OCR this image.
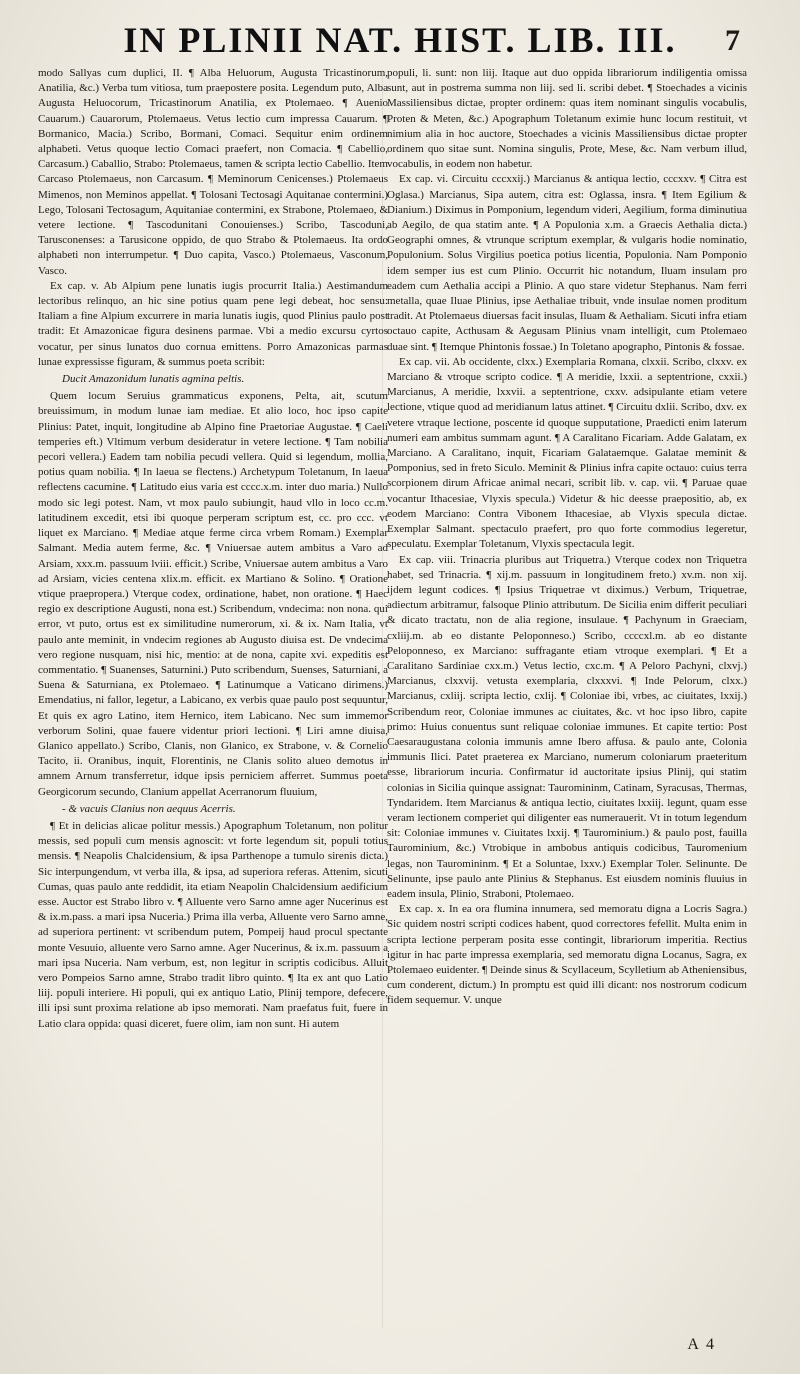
IN PLINII NAT. HIST. LIB. III.	7

modo Sallyas cum duplici, II. ¶ Alba Heluorum, Augusta Tricastinorum, Anatilia, &c.) Verba tum vitiosa, tum praepostere posita. Legendum puto, Alba Augusta Heluocorum, Tricastinorum Anatilia, ex Ptolemaeo. ¶ Auenio Cauarum.) Cauarorum, Ptolemaeus. Vetus lectio cum impressa Cauarum. ¶ Bormanico, Macia.) Scribo, Bormani, Comaci. Sequitur enim ordinem alphabeti. Vetus quoque lectio Comaci praefert, non Comacia. ¶ Cabellio, Carcasum.) Caballio, Strabo: Ptolemaeus, tamen & scripta lectio Cabellio. Item Carcaso Ptolemaeus, non Carcasum. ¶ Meminorum Cenicenses.) Ptolemaeus Mimenos, non Meminos appellat. ¶ Tolosani Tectosagi Aquitanae contermini.) Lego, Tolosani Tectosagum, Aquitaniae contermini, ex Strabone, Ptolemaeo, & vetere lectione. ¶ Tascodunitani Conouienses.) Scribo, Tascoduni, Tarusconenses: a Tarusicone oppido, de quo Strabo & Ptolemaeus. Ita ordo alphabeti non interrumpetur. ¶ Duo capita, Vasco.) Ptolemaeus, Vasconum, Vasco.

Ex cap. v. Ab Alpium pene lunatis iugis procurrit Italia.) Aestimandum lectoribus relinquo, an hic sine potius quam pene legi debeat, hoc sensu: Italiam a fine Alpium excurrere in maria lunatis iugis, quod Plinius paulo post tradit: Et Amazonicae figura desinens parmae. Vbi a medio excursu cyrtos vocatur, per sinus lunatos duo cornua emittens. Porro Amazonicas parmas lunae expressisse figuram, & summus poeta scribit:

Ducit Amazonidum lunatis agmina peltis.

Quem locum Seruius grammaticus exponens, Pelta, ait, scutum breuissimum, in modum lunae iam mediae. Et alio loco, hoc ipso capite Plinius: Patet, inquit, longitudine ab Alpino fine Praetoriae Augustae. ¶ Caeli temperies eft.) Vltimum verbum desideratur in vetere lectione. ¶ Tam nobilia pecori vellera.) Eadem tam nobilia pecudi vellera. Quid si legendum, mollia, potius quam nobilia. ¶ In laeua se flectens.) Archetypum Toletanum, In laeua reflectens cacumine. ¶ Latitudo eius varia est cccc.x.m. inter duo maria.) Nullo modo sic legi potest. Nam, vt mox paulo subiungit, haud vllo in loco cc.m. latitudinem excedit, etsi ibi quoque perperam scriptum est, cc. pro ccc. vt liquet ex Marciano. ¶ Mediae atque ferme circa vrbem Romam.) Exemplar Salmant. Media autem ferme, &c. ¶ Vniuersae autem ambitus a Varo ad Arsiam, xxx.m. passuum lviii. efficit.) Scribe, Vniuersae autem ambitus a Varo ad Arsiam, vicies centena xlix.m. efficit. ex Martiano & Solino. ¶ Oratione vtique praepropera.) Vterque codex, ordinatione, habet, non oratione. ¶ Haec regio ex descriptione Augusti, nona est.) Scribendum, vndecima: non nona. qui error, vt puto, ortus est ex similitudine numerorum, xi. & ix. Nam Italia, vt paulo ante meminit, in vndecim regiones ab Augusto diuisa est. De vndecima vero regione nusquam, nisi hic, mentio: at de nona, capite xvi. expeditis est commentatio. ¶ Suanenses, Saturnini.) Puto scribendum, Suenses, Saturniani, a Suena & Saturniana, ex Ptolemaeo. ¶ Latinumque a Vaticano dirimens.) Emendatius, ni fallor, legetur, a Labicano, ex verbis quae paulo post sequuntur, Et quis ex agro Latino, item Hernico, item Labicano. Nec sum immemor verborum Solini, quae fauere videntur priori lectioni. ¶ Liri amne diuisa, Glanico appellato.) Scribo, Clanis, non Glanico, ex Strabone, v. & Cornelio Tacito, ii. Oranibus, inquit, Florentinis, ne Clanis solito alueo demotus in amnem Arnum transferretur, idque ipsis perniciem afferret. Summus poeta Georgicorum secundo, Clanium appellat Acerranorum fluuium,

- & vacuis Clanius non aequus Acerris.

¶ Et in delicias alicae politur messis.) Apographum Toletanum, non politur messis, sed populi cum mensis agnoscit: vt forte legendum sit, populi totius mensis. ¶ Neapolis Chalcidensium, & ipsa Parthenope a tumulo sirenis dicta.) Sic interpungendum, vt verba illa, & ipsa, ad superiora referas. Attenim, sicuti Cumas, quas paulo ante reddidit, ita etiam Neapolin Chalcidensium aedificium esse. Auctor est Strabo libro v. ¶ Alluente vero Sarno amne ager Nucerinus est & ix.m.pass. a mari ipsa Nuceria.) Prima illa verba, Alluente vero Sarno amne, ad superiora pertinent: vt scribendum putem, Pompeij haud procul spectante monte Vesuuio, alluente vero Sarno amne. Ager Nucerinus, & ix.m. passuum a mari ipsa Nuceria. Nam verbum, est, non legitur in scriptis codicibus. Alluit vero Pompeios Sarno amne, Strabo tradit libro quinto. ¶ Ita ex ant quo Latio liij. populi interiere. Hi populi, qui ex antiquo Latio, Plinij tempore, defecere, illi ipsi sunt proxima relatione ab ipso memorati. Nam praefatus fuit, fuere in Latio clara oppida: quasi diceret, fuere olim, iam non sunt. Hi autem

populi, li. sunt: non liij. Itaque aut duo oppida librariorum indiligentia omissa sunt, aut in postrema summa non liij. sed li. scribi debet. ¶ Stoechades a vicinis Massiliensibus dictae, propter ordinem: quas item nominant singulis vocabulis, Proten & Meten, &c.) Apographum Toletanum eximie hunc locum restituit, vt nimium alia in hoc auctore, Stoechades a vicinis Massiliensibus dictae propter ordinem quo sitae sunt. Nomina singulis, Prote, Mese, &c. Nam verbum illud, vocabulis, in eodem non habetur.

Ex cap. vi. Circuitu cccxxij.) Marcianus & antiqua lectio, cccxxv. ¶ Citra est Oglasa.) Marcianus, Sipa autem, citra est: Oglassa, insra. ¶ Item Egilium & Dianium.) Diximus in Pomponium, legendum videri, Aegilium, forma diminutiua ab Aegilo, de qua statim ante. ¶ A Populonia x.m. a Graecis Aethalia dicta.) Geographi omnes, & vtrunque scriptum exemplar, & vulgaris hodie nominatio, Populonium. Solus Virgilius poetica potius licentia, Populonia. Nam Pomponio idem semper ius est cum Plinio. Occurrit hic notandum, Iluam insulam pro eadem cum Aethalia accipi a Plinio. A quo stare videtur Stephanus. Nam ferri metalla, quae Iluae Plinius, ipse Aethaliae tribuit, vnde insulae nomen proditum tradit. At Ptolemaeus diuersas facit insulas, Iluam & Aethaliam. Sicuti infra etiam octauo capite, Acthusam & Aegusam Plinius vnam intelligit, cum Ptolemaeo duae sint. ¶ Itemque Phintonis fossae.) In Toletano apographo, Pintonis & fossae.

Ex cap. vii. Ab occidente, clxx.) Exemplaria Romana, clxxii. Scribo, clxxv. ex Marciano & vtroque scripto codice. ¶ A meridie, lxxii. a septentrione, cxxii.) Marcianus, A meridie, lxxvii. a septentrione, cxxv. adsipulante etiam vetere lectione, vtique quod ad meridianum latus attinet. ¶ Circuitu dxlii. Scribo, dxv. ex vetere vtraque lectione, poscente id quoque supputatione, Praedicti enim laterum numeri eam ambitus summam agunt. ¶ A Caralitano Ficariam. Adde Galatam, ex Marciano. A Caralitano, inquit, Ficariam Galataemque. Galatae meminit & Pomponius, sed in freto Siculo. Meminit & Plinius infra capite octauo: cuius terra scorpionem dirum Africae animal necari, scribit lib. v. cap. vii. ¶ Paruae quae vocantur Ithacesiae, Vlyxis specula.) Videtur & hic deesse praepositio, ab, ex eodem Marciano: Contra Vibonem Ithacesiae, ab Vlyxis specula dictae. Exemplar Salmant. spectaculo praefert, pro quo forte commodius legeretur, speculatu. Exemplar Toletanum, Vlyxis spectacula legit.

Ex cap. viii. Trinacria pluribus aut Triquetra.) Vterque codex non Triquetra habet, sed Trinacria. ¶ xij.m. passuum in longitudinem freto.) xv.m. non xij. ijdem legunt codices. ¶ Ipsius Triquetrae vt diximus.) Verbum, Triquetrae, adiectum arbitramur, falsoque Plinio attributum. De Sicilia enim differit peculiari & dicato tractatu, non de alia regione, insulaue. ¶ Pachynum in Graeciam, cxliij.m. ab eo distante Peloponneso.) Scribo, ccccxl.m. ab eo distante Peloponneso, ex Marciano: suffragante etiam vtroque exemplari. ¶ Et a Caralitano Sardiniae cxx.m.) Vetus lectio, cxc.m. ¶ A Peloro Pachyni, clxvj.) Marcianus, clxxvij. vetusta exemplaria, clxxxvi. ¶ Inde Pelorum, clxx.) Marcianus, cxliij. scripta lectio, cxlij. ¶ Coloniae ibi, vrbes, ac ciuitates, lxxij.) Scribendum reor, Coloniae immunes ac ciuitates, &c. vt hoc ipso libro, capite primo: Huius conuentus sunt reliquae coloniae immunes. Et capite tertio: Post Caesaraugustana colonia immunis amne Ibero affusa. & paulo ante, Colonia immunis Ilici. Patet praeterea ex Marciano, numerum coloniarum praeteritum esse, librariorum incuria. Confirmatur id auctoritate ipsius Plinij, qui statim colonias in Sicilia quinque assignat: Tauromininm, Catinam, Syracusas, Thermas, Tyndaridem. Item Marcianus & antiqua lectio, ciuitates lxxiij. legunt, quam esse veram lectionem comperiet qui diligenter eas numerauerit. Vt in totum legendum sit: Coloniae immunes v. Ciuitates lxxij. ¶ Taurominium.) & paulo post, fauilla Taurominium, &c.) Vtrobique in ambobus antiquis codicibus, Tauromenium legas, non Tauromininm. ¶ Et a Soluntae, lxxv.) Exemplar Toler. Selinunte. De Selinunte, ipse paulo ante Plinius & Stephanus. Est eiusdem nominis fluuius in eadem insula, Plinio, Straboni, Ptolemaeo.

Ex cap. x. In ea ora flumina innumera, sed memoratu digna a Locris Sagra.) Sic quidem nostri scripti codices habent, quod correctores fefellit. Multa enim in scripta lectione perperam posita esse contingit, librariorum imperitia. Rectius igitur in hac parte impressa exemplaria, sed memoratu digna Locanus, Sagra, ex Ptolemaeo euidenter. ¶ Deinde sinus & Scyllaceum, Scylletium ab Atheniensibus, cum conderent, dictum.) In promptu est quid illi dicant: nos nostrorum codicum fidem sequemur. V. unque

A 4
